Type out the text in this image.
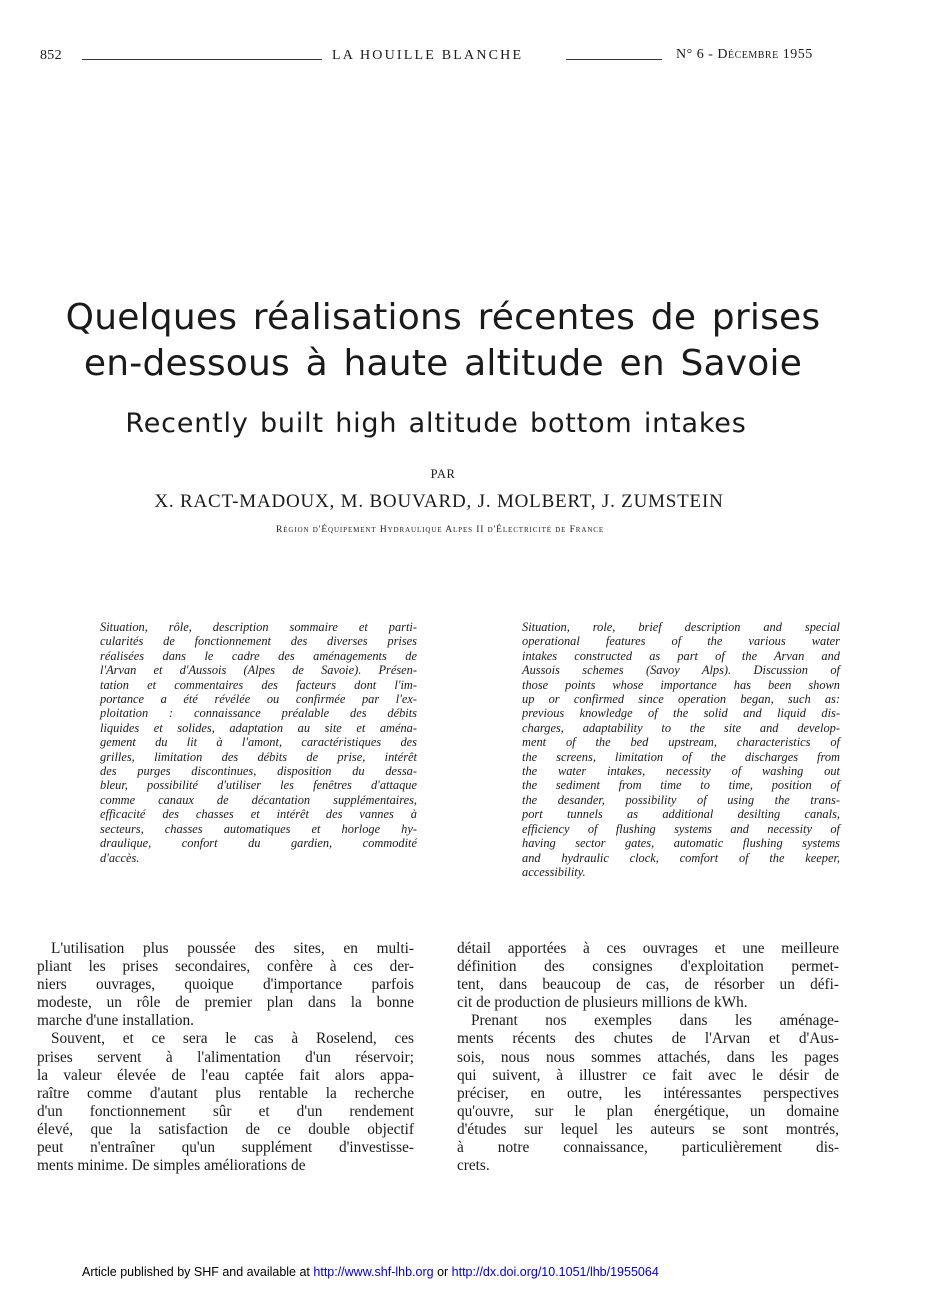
852	LA HOUILLE BLANCHE	N° 6 - Décembre 1955
Quelques réalisations récentes de prises
en-dessous à haute altitude en Savoie
Recently built high altitude bottom intakes
PAR
X. RACT-MADOUX, M. BOUVARD, J. MOLBERT, J. ZUMSTEIN
Région d'Équipement Hydraulique Alpes II d'Électricité de France
Situation, rôle, description sommaire et parti-
cularités de fonctionnement des diverses prises
réalisées dans le cadre des aménagements de
l'Arvan et d'Aussois (Alpes de Savoie). Présen-
tation et commentaires des facteurs dont l'im-
portance a été révélée ou confirmée par l'ex-
ploitation : connaissance préalable des débits
liquides et solides, adaptation au site et aména-
gement du lit à l'amont, caractéristiques des
grilles, limitation des débits de prise, intérêt
des purges discontinues, disposition du dessa-
bleur, possibilité d'utiliser les fenêtres d'attaque
comme canaux de décantation supplémentaires,
efficacité des chasses et intérêt des vannes à
secteurs, chasses automatiques et horloge hy-
draulique, confort du gardien, commodité
d'accès.
Situation, role, brief description and special
operational features of the various water
intakes constructed as part of the Arvan and
Aussois schemes (Savoy Alps). Discussion of
those points whose importance has been shown
up or confirmed since operation began, such as:
previous knowledge of the solid and liquid dis-
charges, adaptability to the site and develop-
ment of the bed upstream, characteristics of
the screens, limitation of the discharges from
the water intakes, necessity of washing out
the sediment from time to time, position of
the desander, possibility of using the trans-
port tunnels as additional desilting canals,
efficiency of flushing systems and necessity of
having sector gates, automatic flushing systems
and hydraulic clock, comfort of the keeper,
accessibility.
L'utilisation plus poussée des sites, en multi-
pliant les prises secondaires, confère à ces der-
niers ouvrages, quoique d'importance parfois
modeste, un rôle de premier plan dans la bonne
marche d'une installation.
Souvent, et ce sera le cas à Roselend, ces
prises servent à l'alimentation d'un réservoir;
la valeur élevée de l'eau captée fait alors appa-
raître comme d'autant plus rentable la recherche
d'un fonctionnement sûr et d'un rendement
élevé, que la satisfaction de ce double objectif
peut n'entraîner qu'un supplément d'investisse-
ments minime. De simples améliorations de
détail apportées à ces ouvrages et une meilleure
définition des consignes d'exploitation permet-
tent, dans beaucoup de cas, de résorber un défi-
cit de production de plusieurs millions de kWh.
Prenant nos exemples dans les aménage-
ments récents des chutes de l'Arvan et d'Aus-
sois, nous nous sommes attachés, dans les pages
qui suivent, à illustrer ce fait avec le désir de
préciser, en outre, les intéressantes perspectives
qu'ouvre, sur le plan énergétique, un domaine
d'études sur lequel les auteurs se sont montrés,
à notre connaissance, particulièrement dis-
crets.
Article published by SHF and available at http://www.shf-lhb.org or http://dx.doi.org/10.1051/lhb/1955064
